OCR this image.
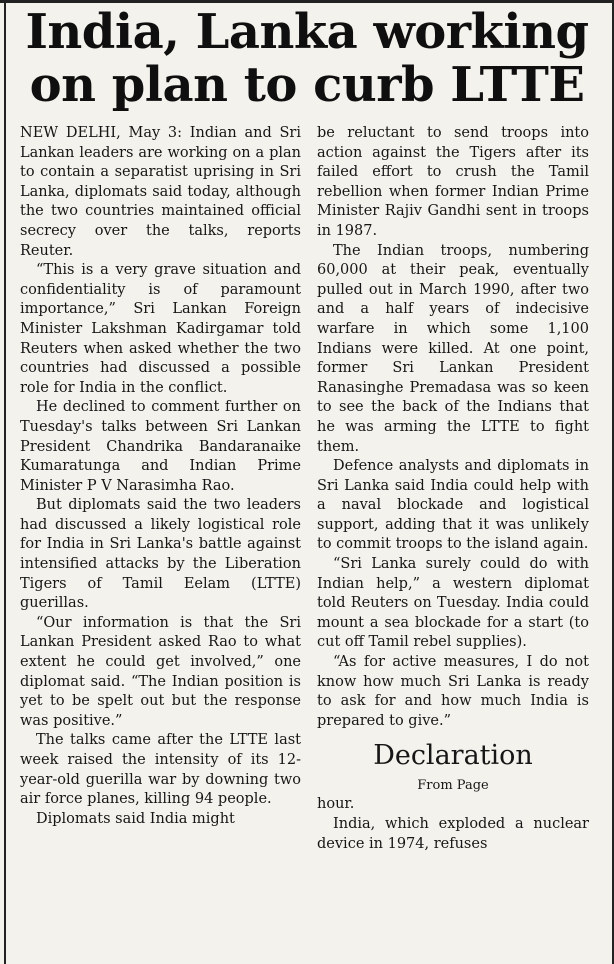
India, Lanka working
on plan to curb LTTE

NEW DELHI, May 3: Indian and Sri Lankan leaders are working on a plan to contain a separatist uprising in Sri Lanka, diplomats said today, although the two countries maintained official secrecy over the talks, reports Reuter.

“This is a very grave situation and confidentiality is of paramount importance,” Sri Lankan Foreign Minister Lakshman Kadirgamar told Reuters when asked whether the two countries had discussed a possible role for India in the conflict.

He declined to comment further on Tuesday's talks between Sri Lankan President Chandrika Bandaranaike Kumaratunga and Indian Prime Minister P V Narasimha Rao.

But diplomats said the two leaders had discussed a likely logistical role for India in Sri Lanka's battle against intensified attacks by the Liberation Tigers of Tamil Eelam (LTTE) guerillas.

“Our information is that the Sri Lankan President asked Rao to what extent he could get involved,” one diplomat said. “The Indian position is yet to be spelt out but the response was positive.”

The talks came after the LTTE last week raised the intensity of its 12-year-old guerilla war by downing two air force planes, killing 94 people.

Diplomats said India might

be reluctant to send troops into action against the Tigers after its failed effort to crush the Tamil rebellion when former Indian Prime Minister Rajiv Gandhi sent in troops in 1987.

The Indian troops, numbering 60,000 at their peak, eventually pulled out in March 1990, after two and a half years of indecisive warfare in which some 1,100 Indians were killed. At one point, former Sri Lankan President Ranasinghe Premadasa was so keen to see the back of the Indians that he was arming the LTTE to fight them.

Defence analysts and diplomats in Sri Lanka said India could help with a naval blockade and logistical support, adding that it was unlikely to commit troops to the island again.

“Sri Lanka surely could do with Indian help,” a western diplomat told Reuters on Tuesday. India could mount a sea blockade for a start (to cut off Tamil rebel supplies).

“As for active measures, I do not know how much Sri Lanka is ready to ask for and how much India is prepared to give.”

Declaration
From Page

hour.

India, which exploded a nuclear device in 1974, refuses
